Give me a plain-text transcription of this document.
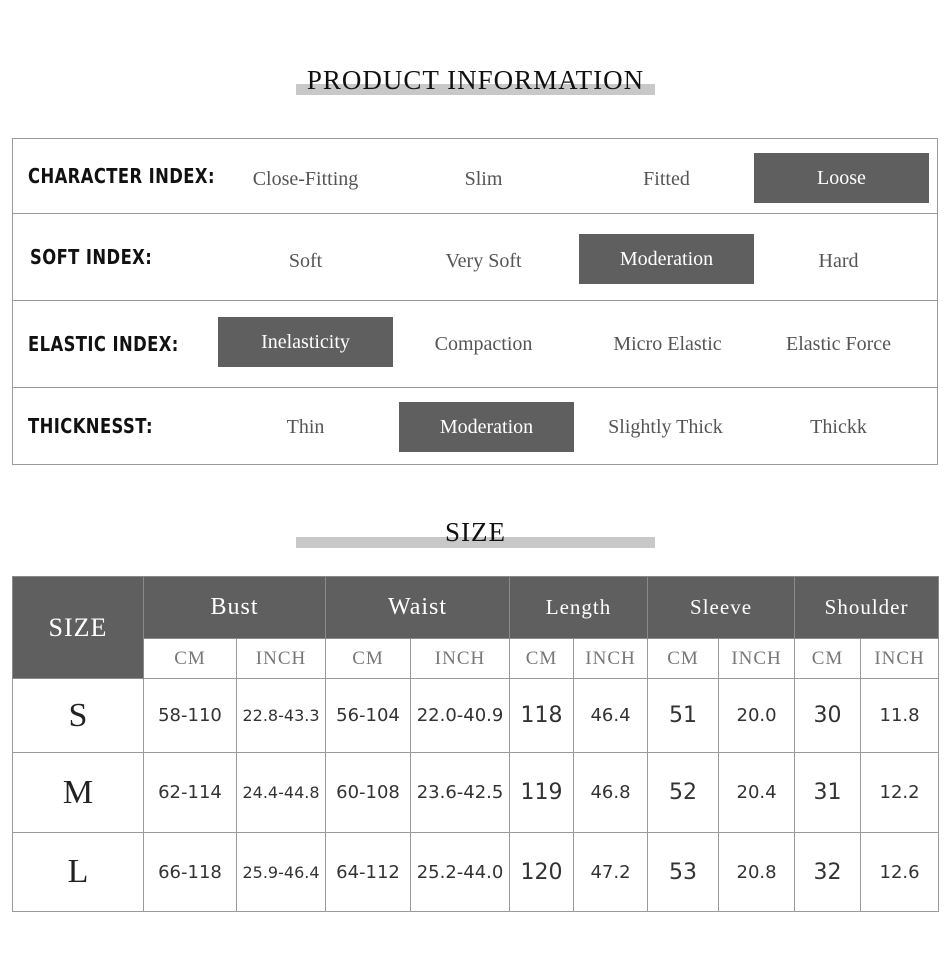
PRODUCT INFORMATION
CHARACTER INDEX:	Close-Fitting	Slim	Fitted	Loose
SOFT INDEX:	Soft	Very Soft	Moderation	Hard
ELASTIC INDEX:	Inelasticity	Compaction	Micro Elastic	Elastic Force
THICKNESST:	Thin	Moderation	Slightly Thick	Thickk
SIZE
SIZE	Bust		Waist		Length		Sleeve		Shoulder	
	CM	INCH	CM	INCH	CM	INCH	CM	INCH	CM	INCH
S	58-110	22.8-43.3	56-104	22.0-40.9	118	46.4	51	20.0	30	11.8
M	62-114	24.4-44.8	60-108	23.6-42.5	119	46.8	52	20.4	31	12.2
L	66-118	25.9-46.4	64-112	25.2-44.0	120	47.2	53	20.8	32	12.6
